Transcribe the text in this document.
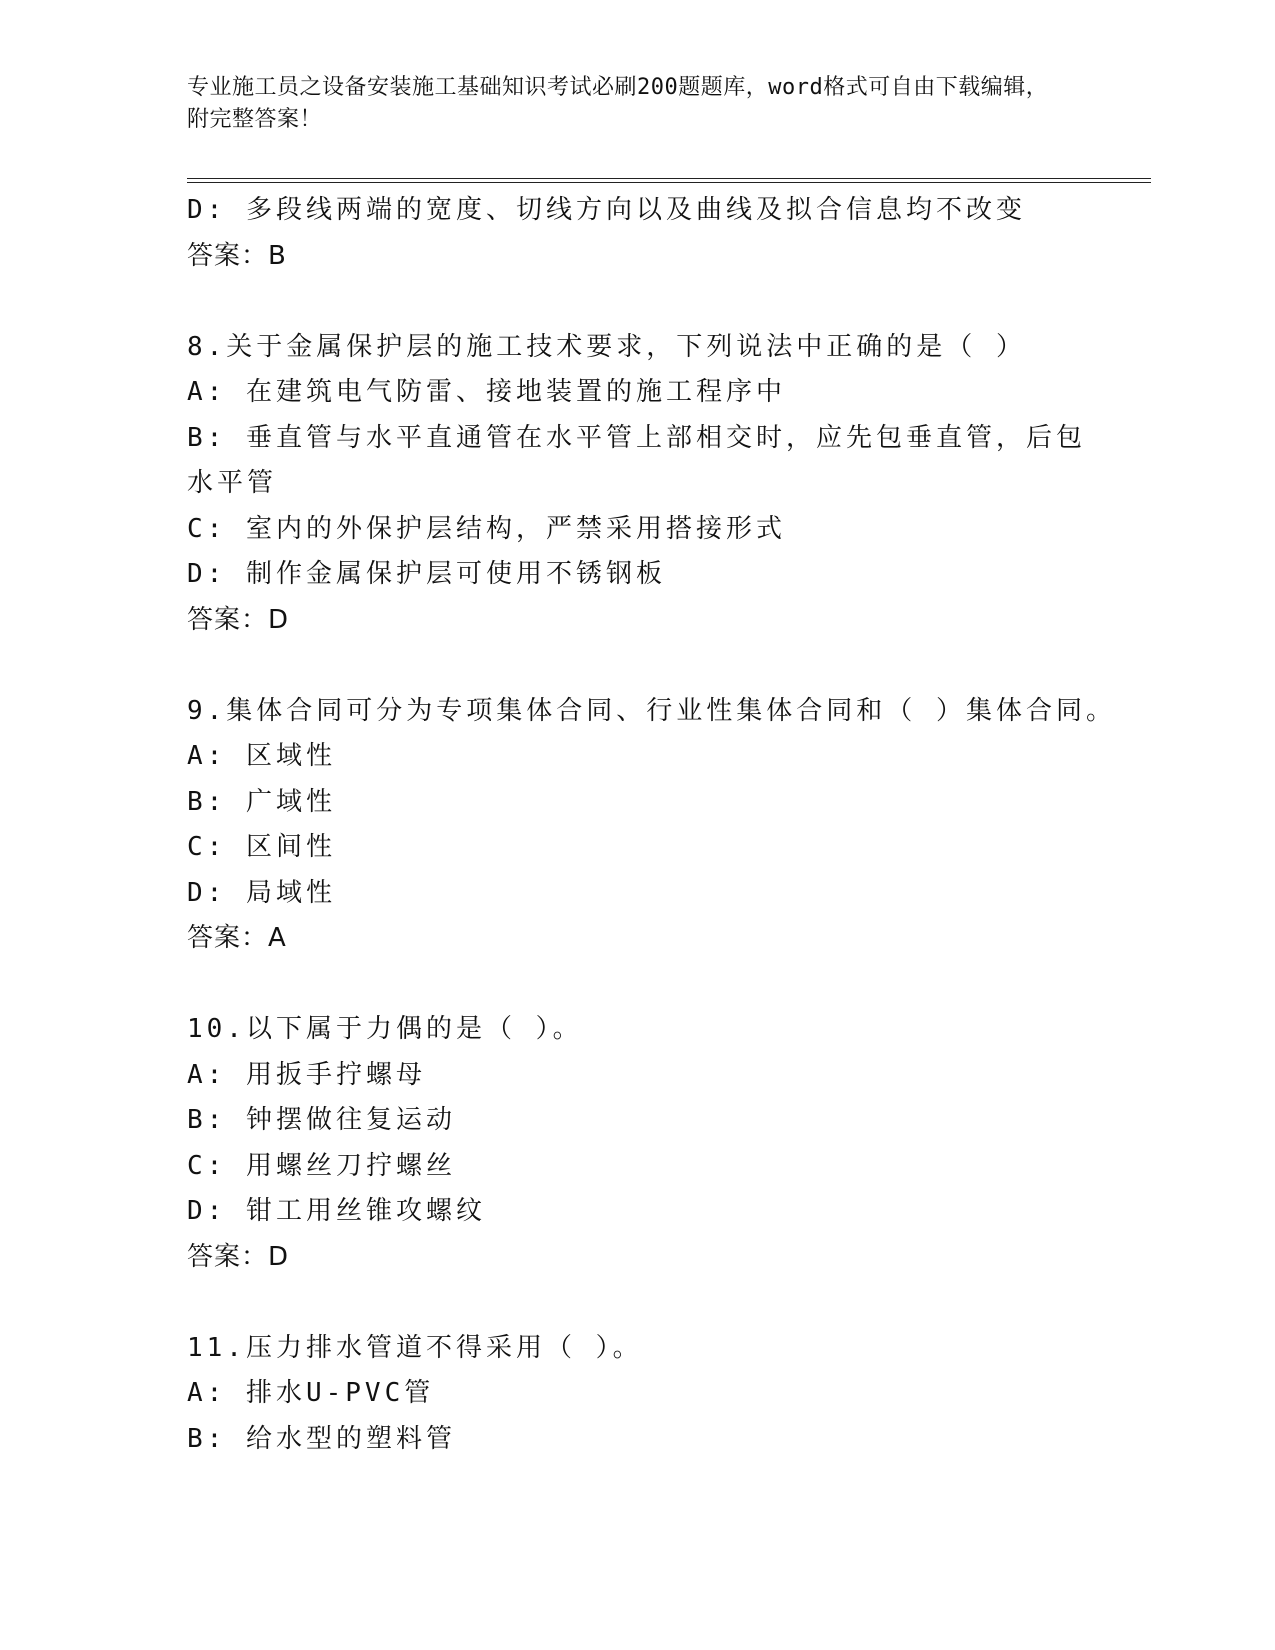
专业施工员之设备安装施工基础知识考试必刷200题题库，word格式可自由下载编辑，附完整答案！
D: 多段线两端的宽度、切线方向以及曲线及拟合信息均不改变
答案：B
8.关于金属保护层的施工技术要求，下列说法中正确的是（ ）
A: 在建筑电气防雷、接地装置的施工程序中
B: 垂直管与水平直通管在水平管上部相交时，应先包垂直管，后包水平管
C: 室内的外保护层结构，严禁采用搭接形式
D: 制作金属保护层可使用不锈钢板
答案：D
9.集体合同可分为专项集体合同、行业性集体合同和（ ）集体合同。
A: 区域性
B: 广域性
C: 区间性
D: 局域性
答案：A
10.以下属于力偶的是（ ）。
A: 用扳手拧螺母
B: 钟摆做往复运动
C: 用螺丝刀拧螺丝
D: 钳工用丝锥攻螺纹
答案：D
11.压力排水管道不得采用（ ）。
A: 排水U-PVC管
B: 给水型的塑料管
